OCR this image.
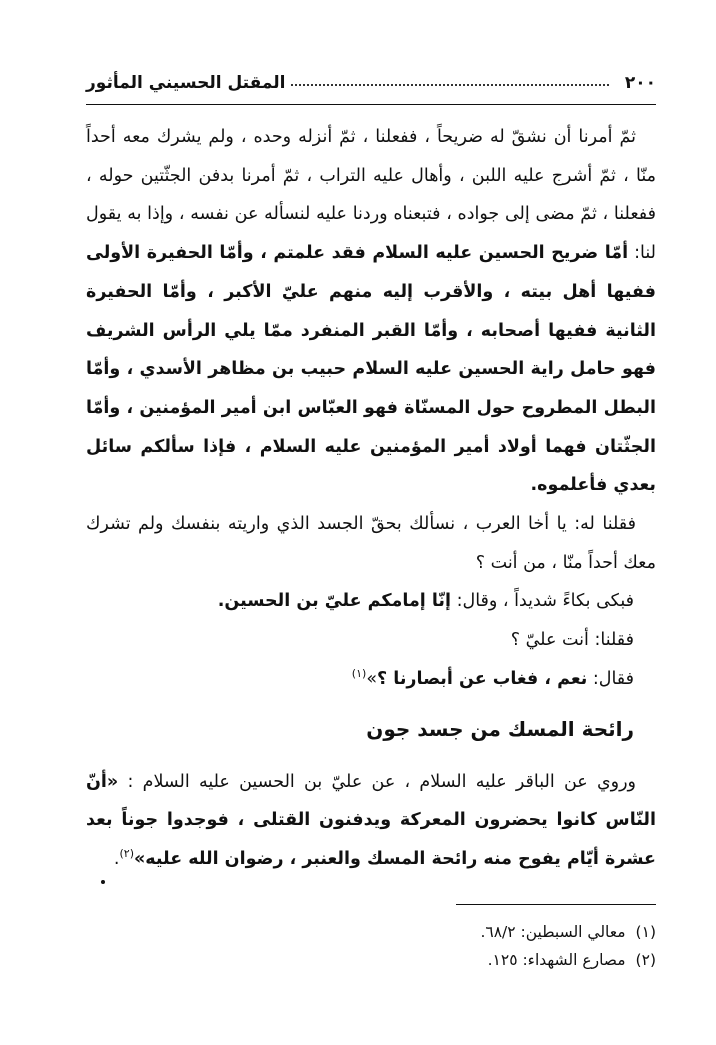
٢٠٠
المقتل الحسيني المأثور

ثمّ أمرنا أن نشقّ له ضريحاً ، ففعلنا ، ثمّ أنزله وحده ، ولم يشرك معه أحداً منّا ، ثمّ أشرج عليه اللبن ، وأهال عليه التراب ، ثمّ أمرنا بدفن الجثّتين حوله ، ففعلنا ، ثمّ مضى إلى جواده ، فتبعناه وردنا عليه لنسأله عن نفسه ، وإذا به يقول لنا: أمّا ضريح الحسين عليه السلام فقد علمتم ، وأمّا الحفيرة الأولى ففيها أهل بيته ، والأقرب إليه منهم عليّ الأكبر ، وأمّا الحفيرة الثانية ففيها أصحابه ، وأمّا القبر المنفرد ممّا يلي الرأس الشريف فهو حامل راية الحسين عليه السلام حبيب بن مظاهر الأسدي ، وأمّا البطل المطروح حول المسنّاة فهو العبّاس ابن أمير المؤمنين ، وأمّا الجثّتان فهما أولاد أمير المؤمنين عليه السلام ، فإذا سألكم سائل بعدي فأعلموه.

فقلنا له: يا أخا العرب ، نسألك بحقّ الجسد الذي واريته بنفسك ولم تشرك معك أحداً منّا ، من أنت ؟

فبكى بكاءً شديداً ، وقال: إنّا إمامكم عليّ بن الحسين.

فقلنا: أنت عليّ ؟

فقال: نعم ، فغاب عن أبصارنا ؟»$^{(١)}$

رائحة المسك من جسد جون

وروي عن الباقر عليه السلام ، عن عليّ بن الحسين عليه السلام : «أنّ النّاس كانوا يحضرون المعركة ويدفنون القتلى ، فوجدوا جوناً بعد عشرة أيّام يفوح منه رائحة المسك والعنبر ، رضوان الله عليه»$^{(٢)}$.

(١)معالي السبطين: ٦٨/٢.

(٢)مصارع الشهداء: ١٢٥.
